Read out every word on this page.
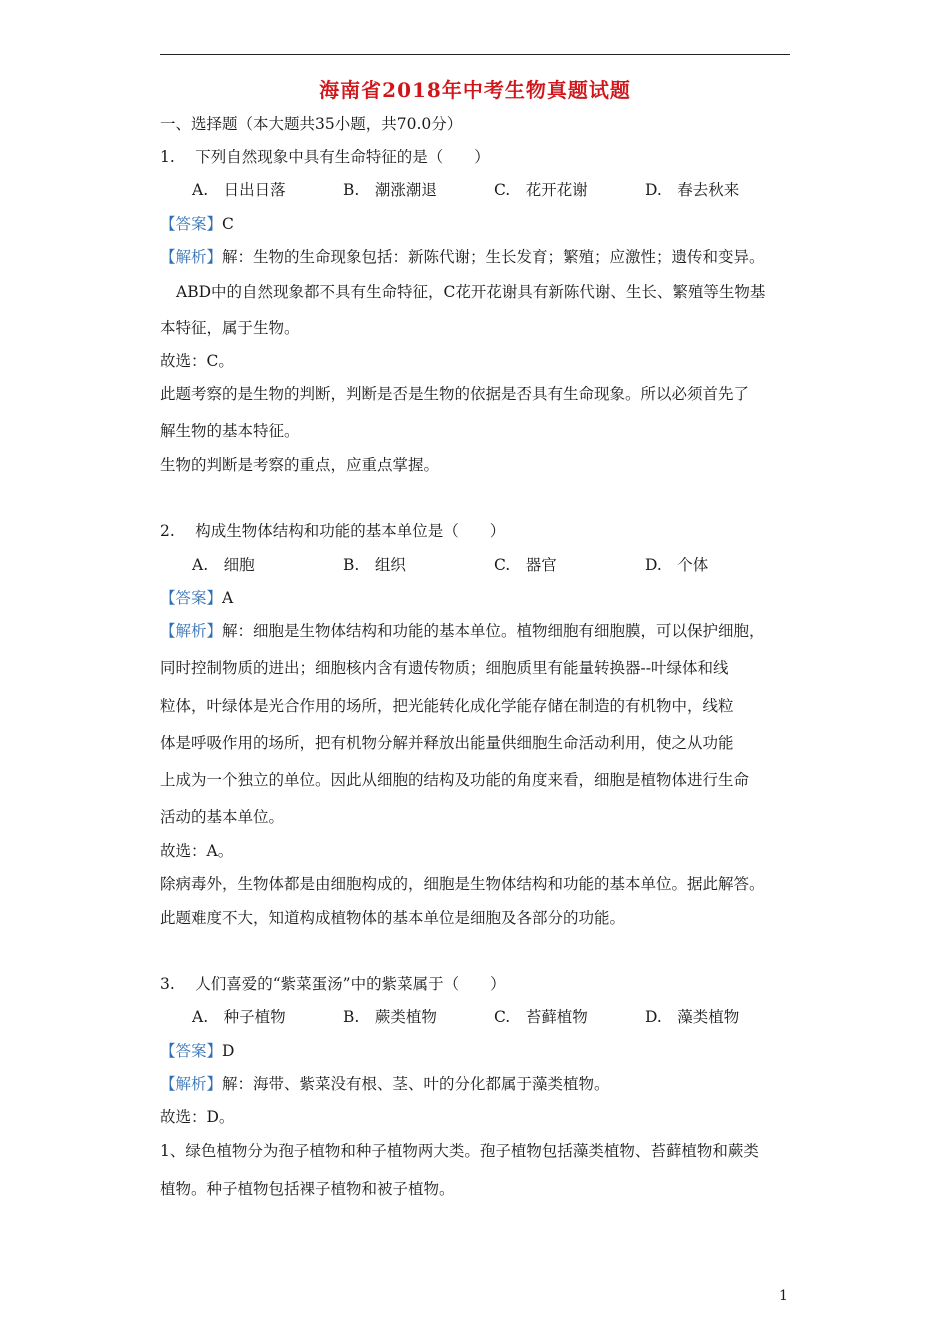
海南省2018年中考生物真题试题
一、选择题（本大题共35小题，共70.0分）
1.　 下列自然现象中具有生命特征的是（　　）
A.　日出日落	B.　潮涨潮退	C.　花开花谢	D.　春去秋来
【答案】C
【解析】解：生物的生命现象包括：新陈代谢；生长发育；繁殖；应激性；遗传和变异。
ABD中的自然现象都不具有生命特征，C花开花谢具有新陈代谢、生长、繁殖等生物基
本特征，属于生物。
故选：C。
此题考察的是生物的判断，判断是否是生物的依据是否具有生命现象。所以必须首先了
解生物的基本特征。
生物的判断是考察的重点，应重点掌握。
2.　 构成生物体结构和功能的基本单位是（　　）
A.　细胞	B.　组织	C.　器官	D.　个体
【答案】A
【解析】解：细胞是生物体结构和功能的基本单位。植物细胞有细胞膜，可以保护细胞，
同时控制物质的进出；细胞核内含有遗传物质；细胞质里有能量转换器--叶绿体和线
粒体，叶绿体是光合作用的场所，把光能转化成化学能存储在制造的有机物中，线粒
体是呼吸作用的场所，把有机物分解并释放出能量供细胞生命活动利用，使之从功能
上成为一个独立的单位。因此从细胞的结构及功能的角度来看，细胞是植物体进行生命
活动的基本单位。
故选：A。
除病毒外，生物体都是由细胞构成的，细胞是生物体结构和功能的基本单位。据此解答。
此题难度不大，知道构成植物体的基本单位是细胞及各部分的功能。
3.　 人们喜爱的“紫菜蛋汤”中的紫菜属于（　　）
A.　种子植物	B.　蕨类植物	C.　苔藓植物	D.　藻类植物
【答案】D
【解析】解：海带、紫菜没有根、茎、叶的分化都属于藻类植物。
故选：D。
1、绿色植物分为孢子植物和种子植物两大类。孢子植物包括藻类植物、苔藓植物和蕨类
植物。种子植物包括裸子植物和被子植物。
1
